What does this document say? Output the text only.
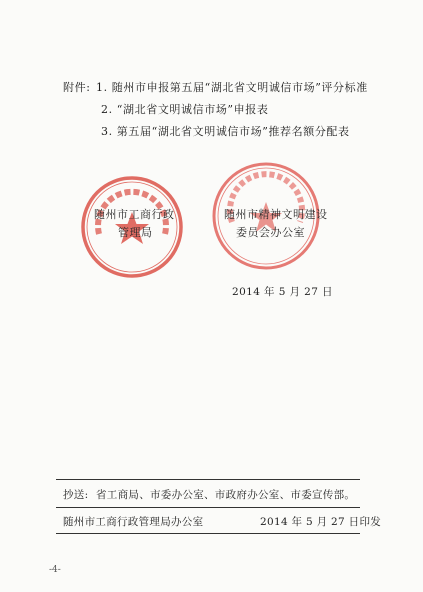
附件: 1. 随州市申报第五届“湖北省文明诚信市场”评分标准
2. “湖北省文明诚信市场”申报表
3. 第五届“湖北省文明诚信市场”推荐名额分配表
随州市工商行政
管理局
随州市精神文明建设
委员会办公室
2014 年 5 月 27 日
抄送: 省工商局、市委办公室、市政府办公室、市委宣传部。
随州市工商行政管理局办公室	2014 年 5 月 27 日印发
-4-
